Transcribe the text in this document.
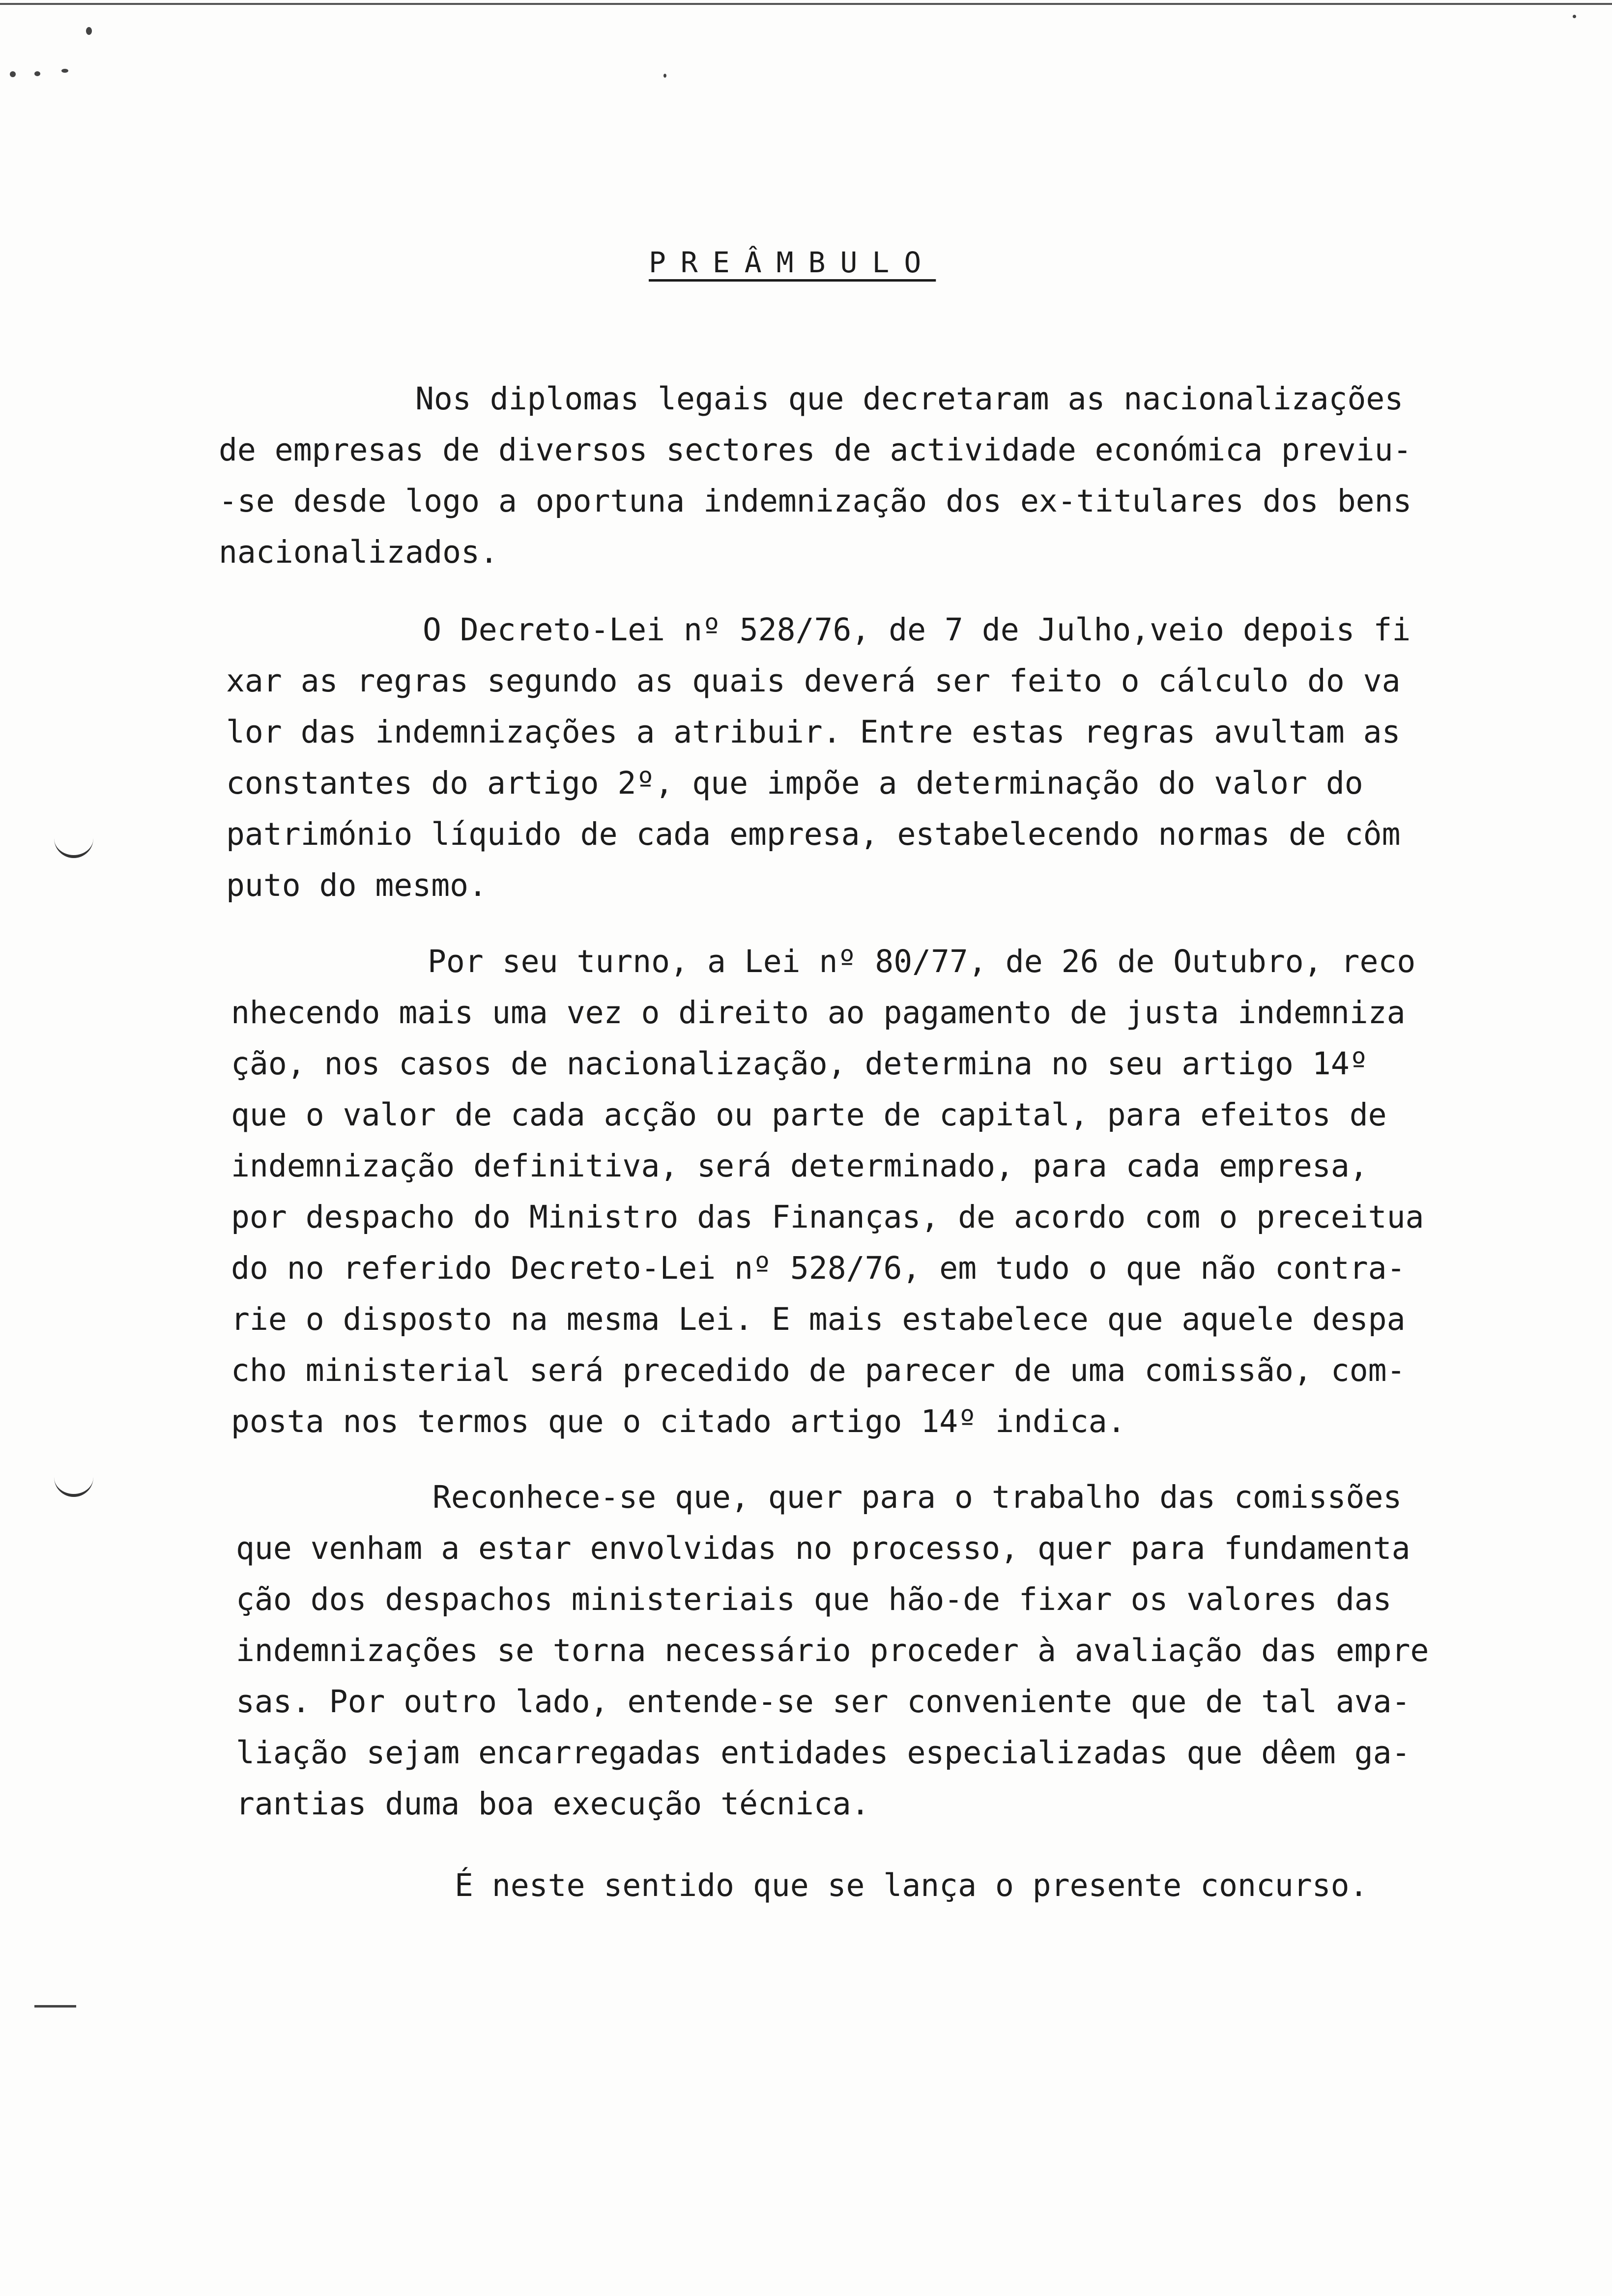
PREÂMBULO
Nos diplomas legais que decretaram as nacionalizações
de empresas de diversos sectores de actividade económica previu-
-se desde logo a oportuna indemnização dos ex-titulares dos bens
nacionalizados.
O Decreto-Lei nº 528/76, de 7 de Julho,veio depois fi
xar as regras segundo as quais deverá ser feito o cálculo do va
lor das indemnizações a atribuir. Entre estas regras avultam as
constantes do artigo 2º, que impõe a determinação do valor do
património líquido de cada empresa, estabelecendo normas de côm
puto do mesmo.
Por seu turno, a Lei nº 80/77, de 26 de Outubro, reco
nhecendo mais uma vez o direito ao pagamento de justa indemniza
ção, nos casos de nacionalização, determina no seu artigo 14º
que o valor de cada acção ou parte de capital, para efeitos de
indemnização definitiva, será determinado, para cada empresa,
por despacho do Ministro das Finanças, de acordo com o preceitua
do no referido Decreto-Lei nº 528/76, em tudo o que não contra-
rie o disposto na mesma Lei. E mais estabelece que aquele despa
cho ministerial será precedido de parecer de uma comissão, com-
posta nos termos que o citado artigo 14º indica.
Reconhece-se que, quer para o trabalho das comissões
que venham a estar envolvidas no processo, quer para fundamenta
ção dos despachos ministeriais que hão-de fixar os valores das
indemnizações se torna necessário proceder à avaliação das empre
sas. Por outro lado, entende-se ser conveniente que de tal ava-
liação sejam encarregadas entidades especializadas que dêem ga-
rantias duma boa execução técnica.
É neste sentido que se lança o presente concurso.
